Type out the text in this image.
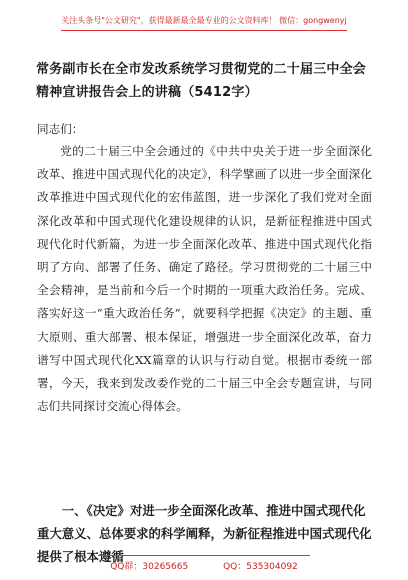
关注头条号"公文研究"，获得最新最全最专业的公文资料库！ 微信：gongwenyj
常务副市长在全市发改系统学习贯彻党的二十届三中全会精神宣讲报告会上的讲稿（5412字）
同志们：
党的二十届三中全会通过的《中共中央关于进一步全面深化改革、推进中国式现代化的决定》，科学擘画了以进一步全面深化改革推进中国式现代化的宏伟蓝图，进一步深化了我们党对全面深化改革和中国式现代化建设规律的认识，是新征程推进中国式现代化时代新篇，为进一步全面深化改革、推进中国式现代化指明了方向、部署了任务、确定了路径。学习贯彻党的二十届三中全会精神，是当前和今后一个时期的一项重大政治任务。完成、落实好这一“重大政治任务”，就要科学把握《决定》的主题、重大原则、重大部署、根本保证，增强进一步全面深化改革，奋力谱写中国式现代化XX篇章的认识与行动自觉。根据市委统一部署，今天，我来到发改委作党的二十届三中全会专题宣讲，与同志们共同探讨交流心得体会。
一、《决定》对进一步全面深化改革、推进中国式现代化重大意义、总体要求的科学阐释，为新征程推进中国式现代化提供了根本遵循
QQ群：30265665	QQ：535304092
